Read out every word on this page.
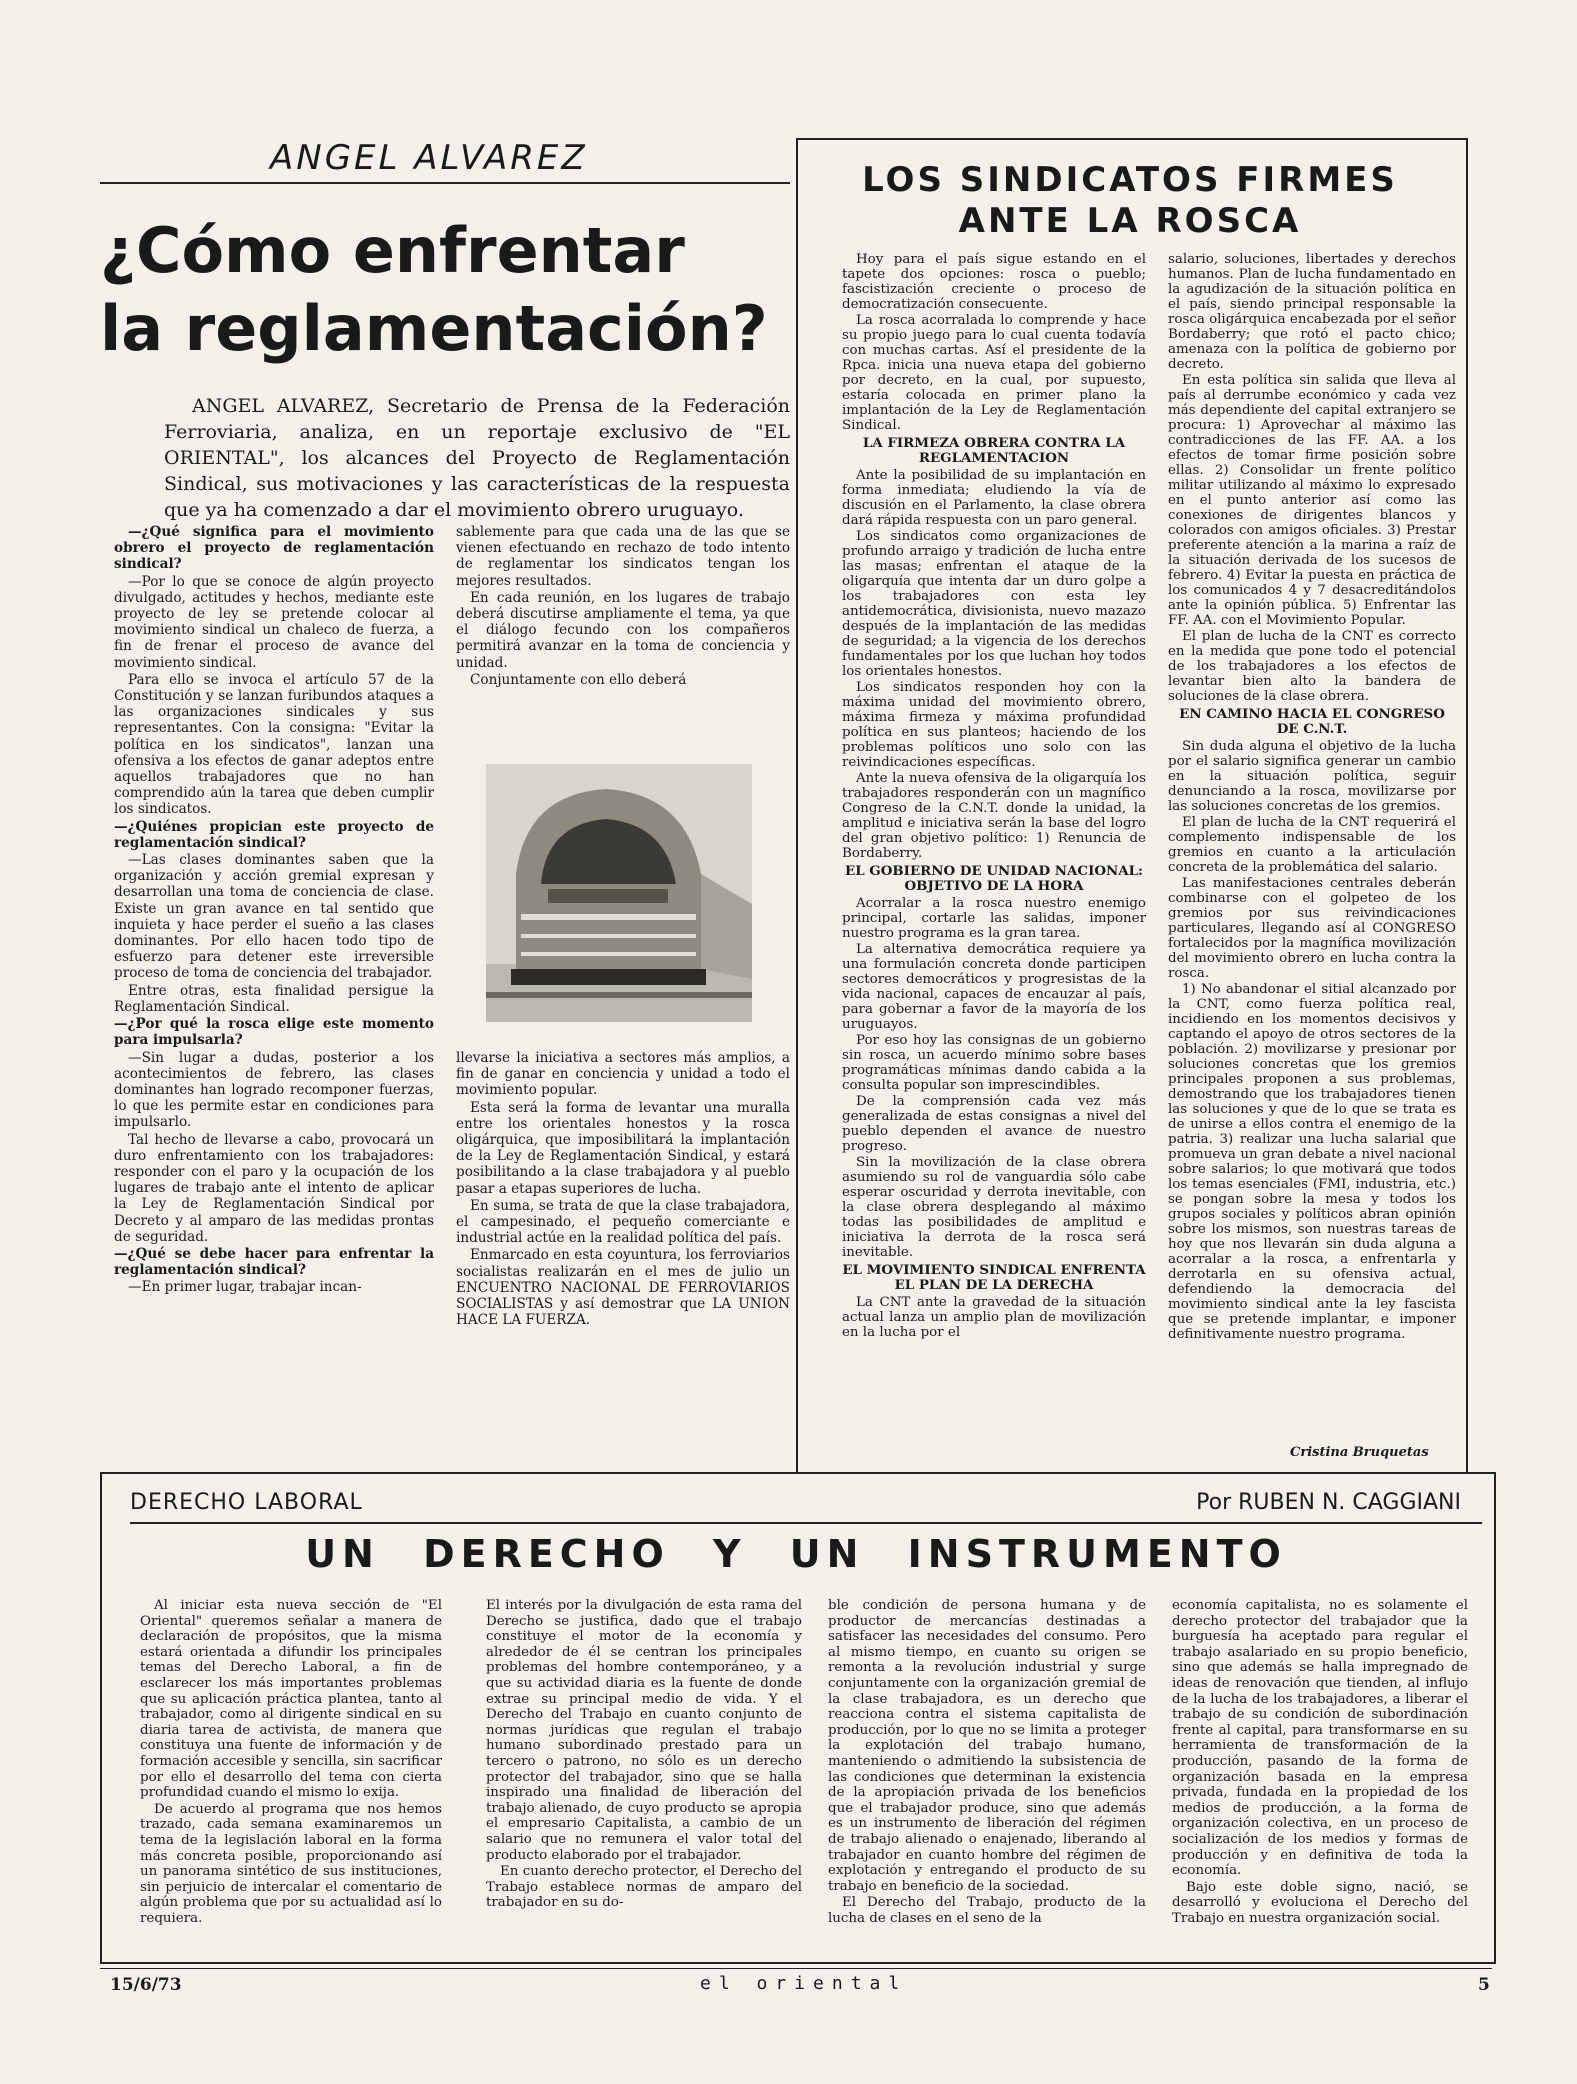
ANGEL ALVAREZ
¿Cómo enfrentar
la reglamentación?
ANGEL ALVAREZ, Secretario de Prensa de la Federación Ferroviaria, analiza, en un reportaje exclusivo de "EL ORIENTAL", los alcances del Proyecto de Reglamentación Sindical, sus motivaciones y las características de la respuesta que ya ha comenzado a dar el movimiento obrero uruguayo.

—¿Qué significa para el movimiento obrero el proyecto de reglamentación sindical?

—Por lo que se conoce de algún proyecto divulgado, actitudes y hechos, mediante este proyecto de ley se pretende colocar al movimiento sindical un chaleco de fuerza, a fin de frenar el proceso de avance del movimiento sindical.

Para ello se invoca el artículo 57 de la Constitución y se lanzan furibundos ataques a las organizaciones sindicales y sus representantes. Con la consigna: "Evitar la política en los sindicatos", lanzan una ofensiva a los efectos de ganar adeptos entre aquellos trabajadores que no han comprendido aún la tarea que deben cumplir los sindicatos.

—¿Quiénes propician este proyecto de reglamentación sindical?

—Las clases dominantes saben que la organización y acción gremial expresan y desarrollan una toma de conciencia de clase. Existe un gran avance en tal sentido que inquieta y hace perder el sueño a las clases dominantes. Por ello hacen todo tipo de esfuerzo para detener este irreversible proceso de toma de conciencia del trabajador.

Entre otras, esta finalidad persigue la Reglamentación Sindical.

—¿Por qué la rosca elige este momento para impulsarla?

—Sin lugar a dudas, posterior a los acontecimientos de febrero, las clases dominantes han logrado recomponer fuerzas, lo que les permite estar en condiciones para impulsarlo.

Tal hecho de llevarse a cabo, provocará un duro enfrentamiento con los trabajadores: responder con el paro y la ocupación de los lugares de trabajo ante el intento de aplicar la Ley de Reglamentación Sindical por Decreto y al amparo de las medidas prontas de seguridad.

—¿Qué se debe hacer para enfrentar la reglamentación sindical?

—En primer lugar, trabajar incan-

sablemente para que cada una de las que se vienen efectuando en rechazo de todo intento de reglamentar los sindicatos tengan los mejores resultados.

En cada reunión, en los lugares de trabajo deberá discutirse ampliamente el tema, ya que el diálogo fecundo con los compañeros permitirá avanzar en la toma de conciencia y unidad.

Conjuntamente con ello deberá

llevarse la iniciativa a sectores más amplios, a fin de ganar en conciencia y unidad a todo el movimiento popular.

Esta será la forma de levantar una muralla entre los orientales honestos y la rosca oligárquica, que imposibilitará la implantación de la Ley de Reglamentación Sindical, y estará posibilitando a la clase trabajadora y al pueblo pasar a etapas superiores de lucha.

En suma, se trata de que la clase trabajadora, el campesinado, el pequeño comerciante e industrial actúe en la realidad política del país.

Enmarcado en esta coyuntura, los ferroviarios socialistas realizarán en el mes de julio un ENCUENTRO NACIONAL DE FERROVIARIOS SOCIALISTAS y así demostrar que LA UNION HACE LA FUERZA.

LOS SINDICATOS FIRMES
ANTE LA ROSCA

Hoy para el país sigue estando en el tapete dos opciones: rosca o pueblo; fascistización creciente o proceso de democratización consecuente.

La rosca acorralada lo comprende y hace su propio juego para lo cual cuenta todavía con muchas cartas. Así el presidente de la Rpca. inicia una nueva etapa del gobierno por decreto, en la cual, por supuesto, estaría colocada en primer plano la implantación de la Ley de Reglamentación Sindical.

LA FIRMEZA OBRERA CONTRA LA REGLAMENTACION

Ante la posibilidad de su implantación en forma inmediata; eludiendo la vía de discusión en el Parlamento, la clase obrera dará rápida respuesta con un paro general.

Los sindicatos como organizaciones de profundo arraigo y tradición de lucha entre las masas; enfrentan el ataque de la oligarquía que intenta dar un duro golpe a los trabajadores con esta ley antidemocrática, divisionista, nuevo mazazo después de la implantación de las medidas de seguridad; a la vigencia de los derechos fundamentales por los que luchan hoy todos los orientales honestos.

Los sindicatos responden hoy con la máxima unidad del movimiento obrero, máxima firmeza y máxima profundidad política en sus planteos; haciendo de los problemas políticos uno solo con las reivindicaciones específicas.

Ante la nueva ofensiva de la oligarquía los trabajadores responderán con un magnífico Congreso de la C.N.T. donde la unidad, la amplitud e iniciativa serán la base del logro del gran objetivo político: 1) Renuncia de Bordaberry.

EL GOBIERNO DE UNIDAD NACIONAL: OBJETIVO DE LA HORA

Acorralar a la rosca nuestro enemigo principal, cortarle las salidas, imponer nuestro programa es la gran tarea.

La alternativa democrática requiere ya una formulación concreta donde participen sectores democráticos y progresistas de la vida nacional, capaces de encauzar al país, para gobernar a favor de la mayoría de los uruguayos.

Por eso hoy las consignas de un gobierno sin rosca, un acuerdo mínimo sobre bases programáticas mínimas dando cabida a la consulta popular son imprescindibles.

De la comprensión cada vez más generalizada de estas consignas a nivel del pueblo dependen el avance de nuestro progreso.

Sin la movilización de la clase obrera asumiendo su rol de vanguardia sólo cabe esperar oscuridad y derrota inevitable, con la clase obrera desplegando al máximo todas las posibilidades de amplitud e iniciativa la derrota de la rosca será inevitable.

EL MOVIMIENTO SINDICAL ENFRENTA EL PLAN DE LA DERECHA

La CNT ante la gravedad de la situación actual lanza un amplio plan de movilización en la lucha por el

salario, soluciones, libertades y derechos humanos. Plan de lucha fundamentado en la agudización de la situación política en el país, siendo principal responsable la rosca oligárquica encabezada por el señor Bordaberry; que rotó el pacto chico; amenaza con la política de gobierno por decreto.

En esta política sin salida que lleva al país al derrumbe económico y cada vez más dependiente del capital extranjero se procura: 1) Aprovechar al máximo las contradicciones de las FF. AA. a los efectos de tomar firme posición sobre ellas. 2) Consolidar un frente político militar utilizando al máximo lo expresado en el punto anterior así como las conexiones de dirigentes blancos y colorados con amigos oficiales. 3) Prestar preferente atención a la marina a raíz de la situación derivada de los sucesos de febrero. 4) Evitar la puesta en práctica de los comunicados 4 y 7 desacreditándolos ante la opinión pública. 5) Enfrentar las FF. AA. con el Movimiento Popular.

El plan de lucha de la CNT es correcto en la medida que pone todo el potencial de los trabajadores a los efectos de levantar bien alto la bandera de soluciones de la clase obrera.

EN CAMINO HACIA EL CONGRESO DE C.N.T.

Sin duda alguna el objetivo de la lucha por el salario significa generar un cambio en la situación política, seguir denunciando a la rosca, movilizarse por las soluciones concretas de los gremios.

El plan de lucha de la CNT requerirá el complemento indispensable de los gremios en cuanto a la articulación concreta de la problemática del salario.

Las manifestaciones centrales deberán combinarse con el golpeteo de los gremios por sus reivindicaciones particulares, llegando así al CONGRESO fortalecidos por la magnífica movilización del movimiento obrero en lucha contra la rosca.

1) No abandonar el sitial alcanzado por la CNT, como fuerza política real, incidiendo en los momentos decisivos y captando el apoyo de otros sectores de la población. 2) movilizarse y presionar por soluciones concretas que los gremios principales proponen a sus problemas, demostrando que los trabajadores tienen las soluciones y que de lo que se trata es de unirse a ellos contra el enemigo de la patria. 3) realizar una lucha salarial que promueva un gran debate a nivel nacional sobre salarios; lo que motivará que todos los temas esenciales (FMI, industria, etc.) se pongan sobre la mesa y todos los grupos sociales y políticos abran opinión sobre los mismos, son nuestras tareas de hoy que nos llevarán sin duda alguna a acorralar a la rosca, a enfrentarla y derrotarla en su ofensiva actual, defendiendo la democracia del movimiento sindical ante la ley fascista que se pretende implantar, e imponer definitivamente nuestro programa.

Cristina Bruquetas
DERECHO LABORAL	Por RUBEN N. CAGGIANI
UN DERECHO Y UN INSTRUMENTO

Al iniciar esta nueva sección de "El Oriental" queremos señalar a manera de declaración de propósitos, que la misma estará orientada a difundir los principales temas del Derecho Laboral, a fin de esclarecer los más importantes problemas que su aplicación práctica plantea, tanto al trabajador, como al dirigente sindical en su diaria tarea de activista, de manera que constituya una fuente de información y de formación accesible y sencilla, sin sacrificar por ello el desarrollo del tema con cierta profundidad cuando el mismo lo exija.

De acuerdo al programa que nos hemos trazado, cada semana examinaremos un tema de la legislación laboral en la forma más concreta posible, proporcionando así un panorama sintético de sus instituciones, sin perjuicio de intercalar el comentario de algún problema que por su actualidad así lo requiera.

El interés por la divulgación de esta rama del Derecho se justifica, dado que el trabajo constituye el motor de la economía y alrededor de él se centran los principales problemas del hombre contemporáneo, y a que su actividad diaria es la fuente de donde extrae su principal medio de vida. Y el Derecho del Trabajo en cuanto conjunto de normas jurídicas que regulan el trabajo humano subordinado prestado para un tercero o patrono, no sólo es un derecho protector del trabajador, sino que se halla inspirado una finalidad de liberación del trabajo alienado, de cuyo producto se apropia el empresario Capitalista, a cambio de un salario que no remunera el valor total del producto elaborado por el trabajador.

En cuanto derecho protector, el Derecho del Trabajo establece normas de amparo del trabajador en su do-

ble condición de persona humana y de productor de mercancías destinadas a satisfacer las necesidades del consumo. Pero al mismo tiempo, en cuanto su origen se remonta a la revolución industrial y surge conjuntamente con la organización gremial de la clase trabajadora, es un derecho que reacciona contra el sistema capitalista de producción, por lo que no se limita a proteger la explotación del trabajo humano, manteniendo o admitiendo la subsistencia de las condiciones que determinan la existencia de la apropiación privada de los beneficios que el trabajador produce, sino que además es un instrumento de liberación del régimen de trabajo alienado o enajenado, liberando al trabajador en cuanto hombre del régimen de explotación y entregando el producto de su trabajo en beneficio de la sociedad.

El Derecho del Trabajo, producto de la lucha de clases en el seno de la

economía capitalista, no es solamente el derecho protector del trabajador que la burguesía ha aceptado para regular el trabajo asalariado en su propio beneficio, sino que además se halla impregnado de ideas de renovación que tienden, al influjo de la lucha de los trabajadores, a liberar el trabajo de su condición de subordinación frente al capital, para transformarse en su herramienta de transformación de la producción, pasando de la forma de organización basada en la empresa privada, fundada en la propiedad de los medios de producción, a la forma de organización colectiva, en un proceso de socialización de los medios y formas de producción y en definitiva de toda la economía.

Bajo este doble signo, nació, se desarrolló y evoluciona el Derecho del Trabajo en nuestra organización social.

15/6/73	el oriental	5
